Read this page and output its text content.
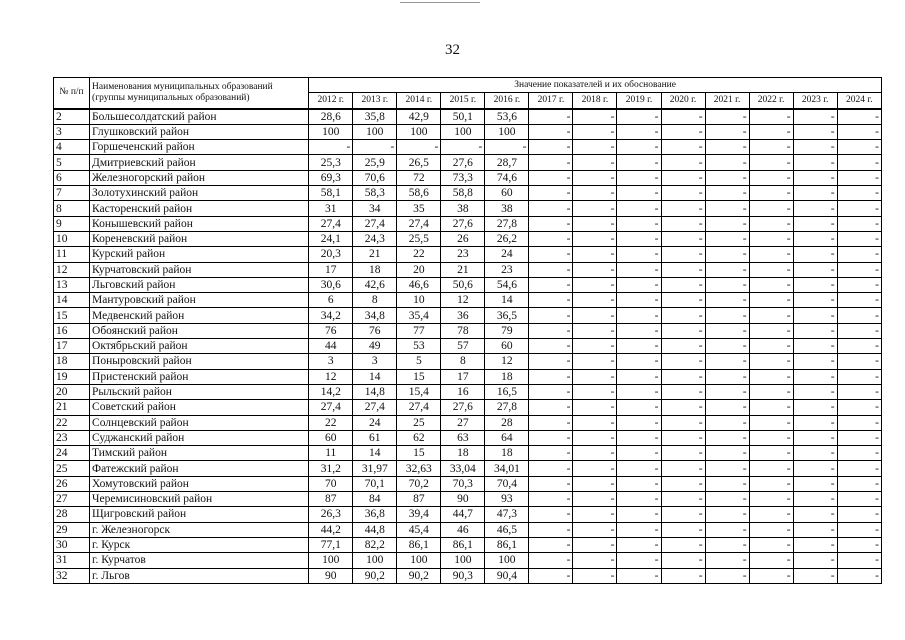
32
№ п/п	Наименования муниципальных образований (группы муниципальных образований)	Значение показателей и их обоснование												
		2012 г.	2013 г.	2014 г.	2015 г.	2016 г.	2017 г.	2018 г.	2019 г.	2020 г.	2021 г.	2022 г.	2023 г.	2024 г.
2	Большесолдатский район	28,6	35,8	42,9	50,1	53,6	-	-	-	-	-	-	-	-
3	Глушковский район	100	100	100	100	100	-	-	-	-	-	-	-	-
4	Горшеченский район	-	-	-	-	-	-	-	-	-	-	-	-	-
5	Дмитриевский район	25,3	25,9	26,5	27,6	28,7	-	-	-	-	-	-	-	-
6	Железногорский район	69,3	70,6	72	73,3	74,6	-	-	-	-	-	-	-	-
7	Золотухинский район	58,1	58,3	58,6	58,8	60	-	-	-	-	-	-	-	-
8	Касторенский район	31	34	35	38	38	-	-	-	-	-	-	-	-
9	Конышевский район	27,4	27,4	27,4	27,6	27,8	-	-	-	-	-	-	-	-
10	Кореневский район	24,1	24,3	25,5	26	26,2	-	-	-	-	-	-	-	-
11	Курский район	20,3	21	22	23	24	-	-	-	-	-	-	-	-
12	Курчатовский район	17	18	20	21	23	-	-	-	-	-	-	-	-
13	Льговский район	30,6	42,6	46,6	50,6	54,6	-	-	-	-	-	-	-	-
14	Мантуровский район	6	8	10	12	14	-	-	-	-	-	-	-	-
15	Медвенский район	34,2	34,8	35,4	36	36,5	-	-	-	-	-	-	-	-
16	Обоянский район	76	76	77	78	79	-	-	-	-	-	-	-	-
17	Октябрьский район	44	49	53	57	60	-	-	-	-	-	-	-	-
18	Поныровский район	3	3	5	8	12	-	-	-	-	-	-	-	-
19	Пристенский район	12	14	15	17	18	-	-	-	-	-	-	-	-
20	Рыльский район	14,2	14,8	15,4	16	16,5	-	-	-	-	-	-	-	-
21	Советский район	27,4	27,4	27,4	27,6	27,8	-	-	-	-	-	-	-	-
22	Солнцевский район	22	24	25	27	28	-	-	-	-	-	-	-	-
23	Суджанский район	60	61	62	63	64	-	-	-	-	-	-	-	-
24	Тимский район	11	14	15	18	18	-	-	-	-	-	-	-	-
25	Фатежский район	31,2	31,97	32,63	33,04	34,01	-	-	-	-	-	-	-	-
26	Хомутовский район	70	70,1	70,2	70,3	70,4	-	-	-	-	-	-	-	-
27	Черемисиновский район	87	84	87	90	93	-	-	-	-	-	-	-	-
28	Щигровский район	26,3	36,8	39,4	44,7	47,3	-	-	-	-	-	-	-	-
29	г. Железногорск	44,2	44,8	45,4	46	46,5	-	-	-	-	-	-	-	-
30	г. Курск	77,1	82,2	86,1	86,1	86,1	-	-	-	-	-	-	-	-
31	г. Курчатов	100	100	100	100	100	-	-	-	-	-	-	-	-
32	г. Льгов	90	90,2	90,2	90,3	90,4	-	-	-	-	-	-	-	-
